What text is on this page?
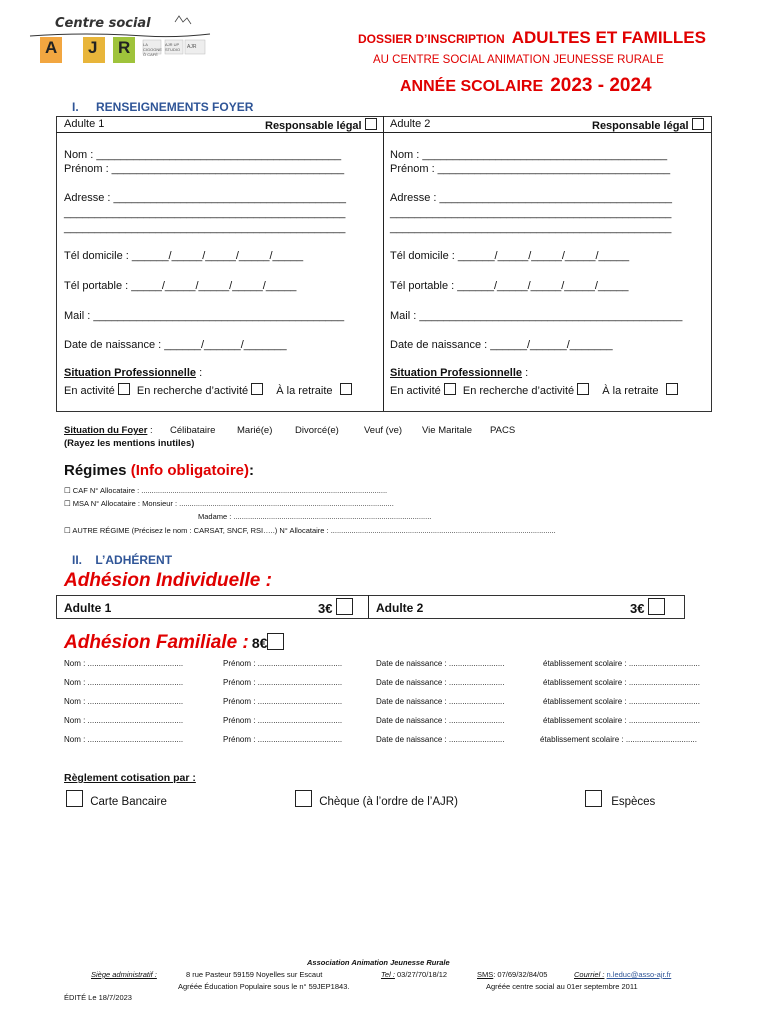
Centre social
A J R	LA CIGOGNE Ô CAFÉ
AJR UP STUDIO	AJR
DOSSIER D’INSCRIPTION ADULTES ET FAMILLES
AU CENTRE SOCIAL ANIMATION JEUNESSE RURALE
ANNÉE SCOLAIRE 2023 - 2024
I. RENSEIGNEMENTS FOYER
Adulte 1	Responsable légal
Nom : ________________________________________
Prénom : ______________________________________
Adresse : ______________________________________
______________________________________________
______________________________________________
Tél domicile : ______/_____/_____/_____/_____
Tél portable : _____/_____/_____/_____/_____
Mail : _________________________________________
Date de naissance : ______/______/_______
Situation Professionnelle :
En activité En recherche d’activité	À la retraite
Adulte 2	Responsable légal
Nom : ________________________________________
Prénom : ______________________________________
Adresse : ______________________________________
______________________________________________
______________________________________________
Tél domicile : ______/_____/_____/_____/_____
Tél portable : ______/_____/_____/_____/_____
Mail : ___________________________________________
Date de naissance : ______/______/_______
Situation Professionnelle :
En activité En recherche d’activité	À la retraite
Situation du Foyer : Célibataire Marié(e) Divorcé(e)	Veuf (ve) Vie Maritale PACS
(Rayez les mentions inutiles)
Régimes (Info obligatoire):
☐ CAF N° Allocataire : ......................................................................................................................
☐ MSA N° Allocataire : Monsieur : .......................................................................................................
Madame : ...............................................................................................
☐ AUTRE RÉGIME (Précisez le nom : CARSAT, SNCF, RSI…..) N° Allocataire : ............................................................................................................
II. L’ADHÉRENT
Adhésion Individuelle :
Adulte 1	3€	Adulte 2	3€
Adhésion Familiale : 8€
Nom : ...........................................	Prénom : ......................................	Date de naissance : .........................	établissement scolaire : ................................
Nom : ...........................................	Prénom : ......................................	Date de naissance : .........................	établissement scolaire : ................................
Nom : ...........................................	Prénom : ......................................	Date de naissance : .........................	établissement scolaire : ................................
Nom : ...........................................	Prénom : ......................................	Date de naissance : .........................	établissement scolaire : ................................
Nom : ...........................................	Prénom : ......................................	Date de naissance : .........................	établissement scolaire : ................................
Règlement cotisation par :
Carte Bancaire	Chèque (à l’ordre de l’AJR)	Espèces
Association Animation Jeunesse Rurale
Siège administratif :	8 rue Pasteur 59159 Noyelles sur Escaut	Tel : 03/27/70/18/12	SMS: 07/69/32/84/05	Courriel : n.leduc@asso-ajr.fr
Agréée Éducation Populaire sous le n° 59JEP1843.	Agréée centre social au 01er septembre 2011
ÉDITÉ Le 18/7/2023
